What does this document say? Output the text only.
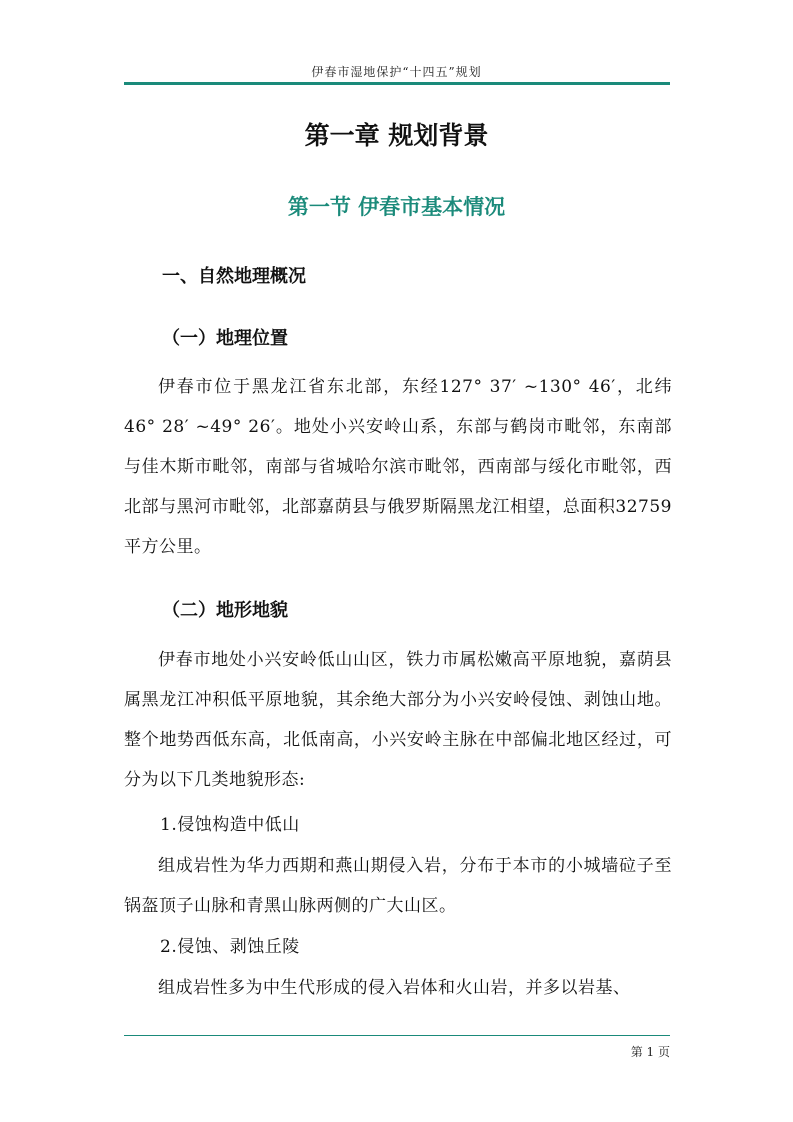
伊春市湿地保护“十四五”规划
第一章 规划背景
第一节 伊春市基本情况
一、自然地理概况
（一）地理位置
伊春市位于黑龙江省东北部，东经127° 37′ ~130° 46′，北纬46° 28′ ~49° 26′。地处小兴安岭山系，东部与鹤岗市毗邻，东南部与佳木斯市毗邻，南部与省城哈尔滨市毗邻，西南部与绥化市毗邻，西北部与黑河市毗邻，北部嘉荫县与俄罗斯隔黑龙江相望，总面积32759平方公里。
（二）地形地貌
伊春市地处小兴安岭低山山区，铁力市属松嫩高平原地貌，嘉荫县属黑龙江冲积低平原地貌，其余绝大部分为小兴安岭侵蚀、剥蚀山地。整个地势西低东高，北低南高，小兴安岭主脉在中部偏北地区经过，可分为以下几类地貌形态:
1.侵蚀构造中低山
组成岩性为华力西期和燕山期侵入岩，分布于本市的小城墙砬子至锅盔顶子山脉和青黑山脉两侧的广大山区。
2.侵蚀、剥蚀丘陵
组成岩性多为中生代形成的侵入岩体和火山岩，并多以岩基、
第 1 页
